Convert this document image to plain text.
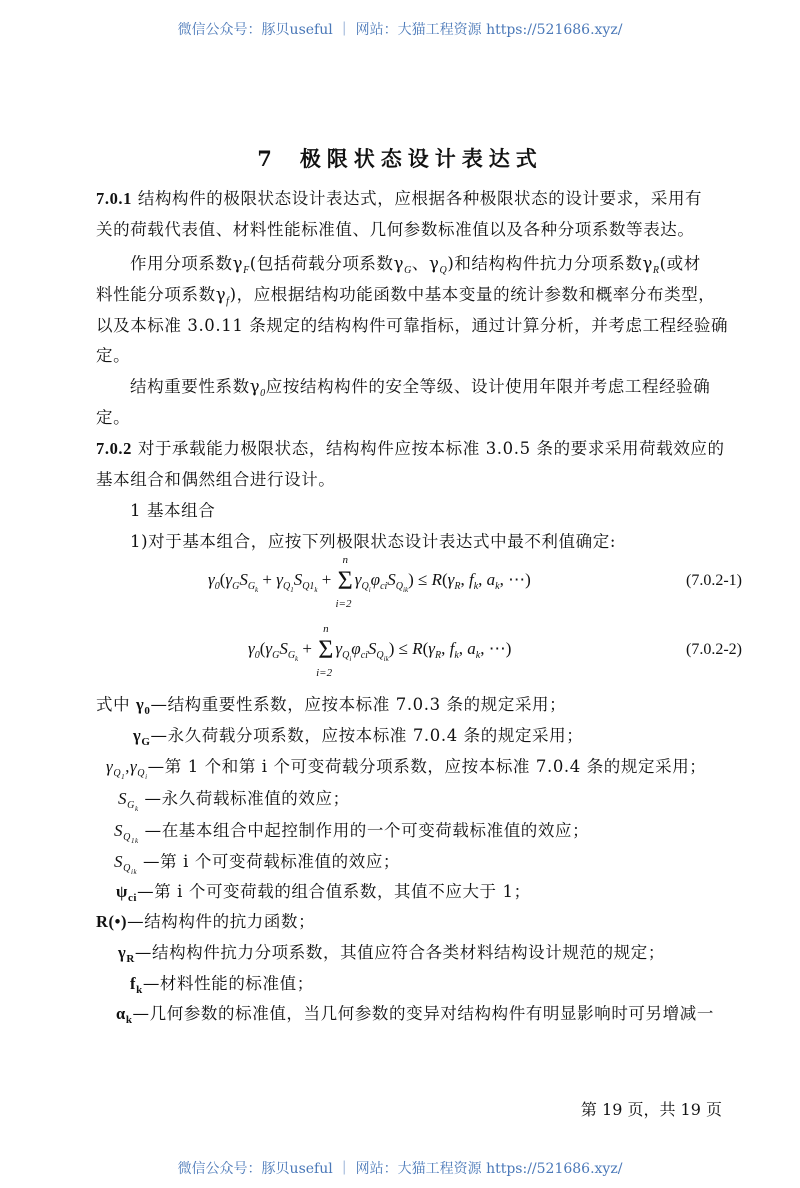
微信公众号：豚贝useful ｜ 网站：大猫工程资源 https://521686.xyz/
7 极限状态设计表达式
7.0.1 结构构件的极限状态设计表达式，应根据各种极限状态的设计要求，采用有
关的荷载代表值、材料性能标准值、几何参数标准值以及各种分项系数等表达。
作用分项系数$\gamma_F$(包括荷载分项系数$\gamma_G$、$\gamma_Q$)和结构构件抗力分项系数$\gamma_R$(或材
料性能分项系数$\gamma_f$)，应根据结构功能函数中基本变量的统计参数和概率分布类型，
以及本标准 3.0.11 条规定的结构构件可靠指标，通过计算分析，并考虑工程经验确
定。
结构重要性系数$\gamma_0$应按结构构件的安全等级、设计使用年限并考虑工程经验确
定。
7.0.2 对于承载能力极限状态，结构构件应按本标准 3.0.5 条的要求采用荷载效应的
基本组合和偶然组合进行设计。
1 基本组合
1)对于基本组合，应按下列极限状态设计表达式中最不利值确定:
$\gamma_0(\gamma_GS_{Gk} + \gamma_{Q1}S_{Q1k} + \Sigma$
n
i=2
$\gamma_{Qi}\varphi_{ci}S_{Qik}) \le R(\gamma_R$, $f_k$, $a_k$, ⋯)	(7.0.2-1)
$\gamma_0(\gamma_GS_{Gk} + \Sigma$
n
i=2
$\gamma_{Qi}\varphi_{ci}S_{Qik}) \le R(\gamma_R$, $f_k$, $a_k$, ⋯)	(7.0.2-2)
式中 $\gamma_0—$结构重要性系数，应按本标准 7.0.3 条的规定采用；
$\gamma_G—$永久荷载分项系数，应按本标准 7.0.4 条的规定采用；
$\gamma_{Q1},\gamma_{Qi}—$第 1 个和第 i 个可变荷载分项系数，应按本标准 7.0.4 条的规定采用；
$S_{Gk}$ —永久荷载标准值的效应；
$S_{Q1k}$ —在基本组合中起控制作用的一个可变荷载标准值的效应；
$S_{Qik}$ —第 i 个可变荷载标准值的效应；
$\psi_{ci}—$第 i 个可变荷载的组合值系数，其值不应大于 1；
R(•)—结构构件的抗力函数；
$\gamma_R—$结构构件抗力分项系数，其值应符合各类材料结构设计规范的规定；
$f_k—$材料性能的标准值；
$\alpha_k—$几何参数的标准值，当几何参数的变异对结构构件有明显影响时可另增减一
第 19 页，共 19 页
微信公众号：豚贝useful ｜ 网站：大猫工程资源 https://521686.xyz/
